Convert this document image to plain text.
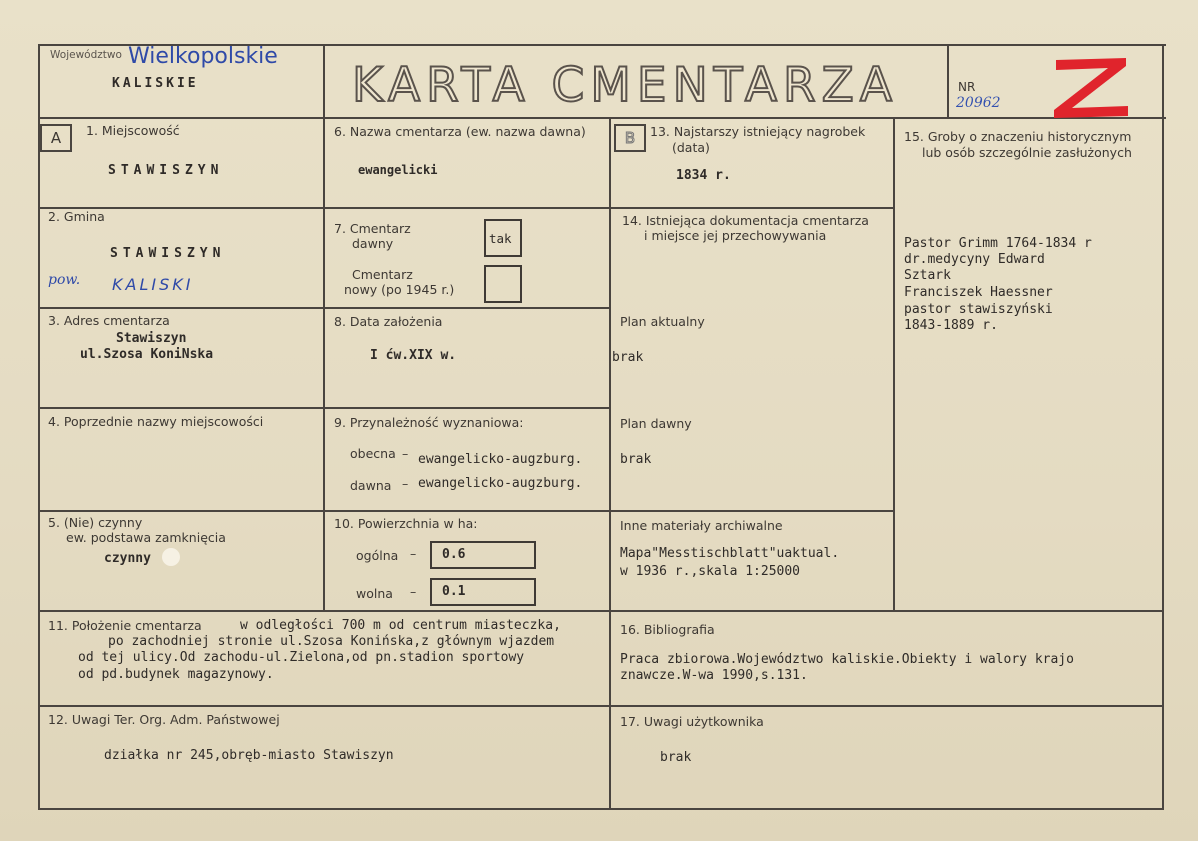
Województwo Wielkopolskie
KALISKIE	KARTA CMENTARZA	NR
20962
A	1. Miejscowość
STAWISZYN
2. Gmina
STAWISZYN
pow. KALISKI
3. Adres cmentarza
Stawiszyn
ul.Szosa KoniNska
4. Poprzednie nazwy miejscowości
5. (Nie) czynny
ew. podstawa zamknięcia
czynny
6. Nazwa cmentarza (ew. nazwa dawna)
ewangelicki
7. Cmentarz
dawny	tak
Cmentarz
nowy (po 1945 r.)
8. Data założenia
I ćw.XIX w.
9. Przynależność wyznaniowa:
obecna – ewangelicko-augzburg.
dawna – ewangelicko-augzburg.
10. Powierzchnia w ha:
ogólna –	0.6
wolna –	0.1
B	13. Najstarszy istniejący nagrobek
(data)
1834 r.
14. Istniejąca dokumentacja cmentarza
i miejsce jej przechowywania
Plan aktualny
brak
Plan dawny
brak
Inne materiały archiwalne
Mapa"Messtischblatt"uaktual.
w 1936 r.,skala 1:25000
15. Groby o znaczeniu historycznym
lub osób szczególnie zasłużonych
Pastor Grimm 1764-1834 r
dr.medycyny Edward
Sztark
Franciszek Haessner
pastor stawiszyński
1843-1889 r.
11. Położenie cmentarza	w odległości 700 m od centrum miasteczka,
po zachodniej stronie ul.Szosa Konińska,z głównym wjazdem
od tej ulicy.Od zachodu-ul.Zielona,od pn.stadion sportowy
od pd.budynek magazynowy.
16. Bibliografia
Praca zbiorowa.Województwo kaliskie.Obiekty i walory krajo
znawcze.W-wa 1990,s.131.
12. Uwagi Ter. Org. Adm. Państwowej
działka nr 245,obręb-miasto Stawiszyn
17. Uwagi użytkownika
brak
